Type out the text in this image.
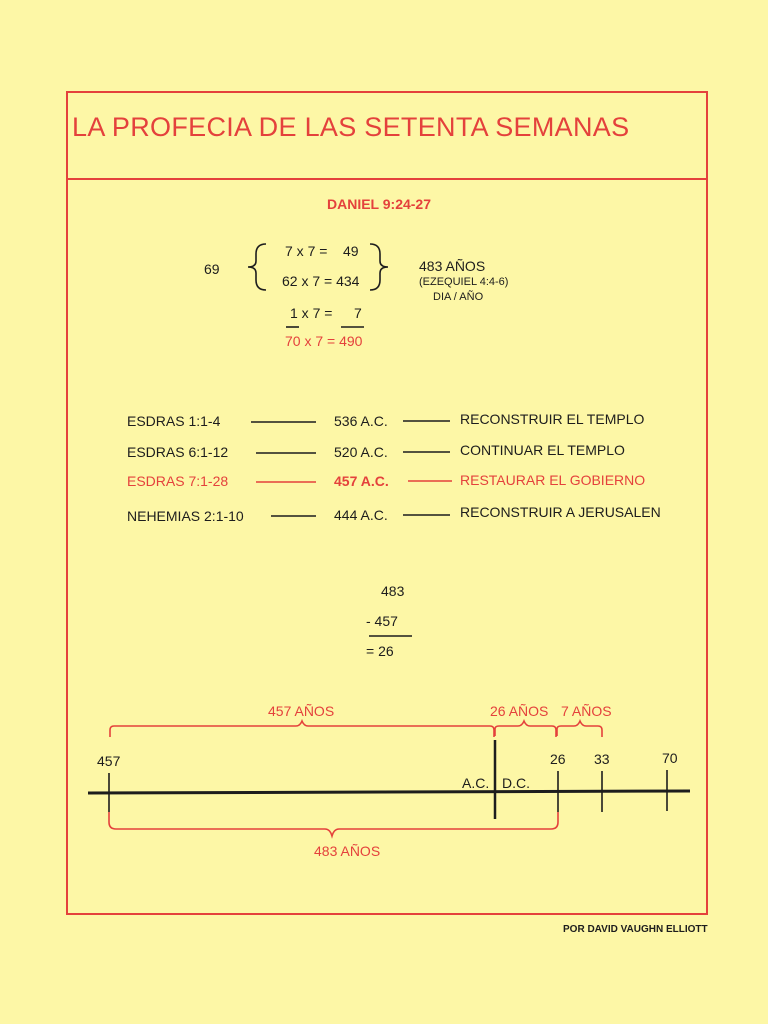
LA PROFECIA DE LAS SETENTA SEMANAS
DANIEL 9:24-27
69
7 x 7 = 49
62 x 7 = 434
483 AÑOS
(EZEQUIEL 4:4-6)
DIA / AÑO
1 x 7 = 7
70 x 7 = 490
ESDRAS 1:1-4	536 A.C.	RECONSTRUIR EL TEMPLO
ESDRAS 6:1-12	520 A.C.	CONTINUAR EL TEMPLO
ESDRAS 7:1-28	457 A.C.	RESTAURAR EL GOBIERNO
NEHEMIAS 2:1-10	444 A.C.	RECONSTRUIR A JERUSALEN
483
- 457
= 26
457 AÑOS	26 AÑOS 7 AÑOS
457	26 33	70
A.C. D.C.
483 AÑOS
POR DAVID VAUGHN ELLIOTT
